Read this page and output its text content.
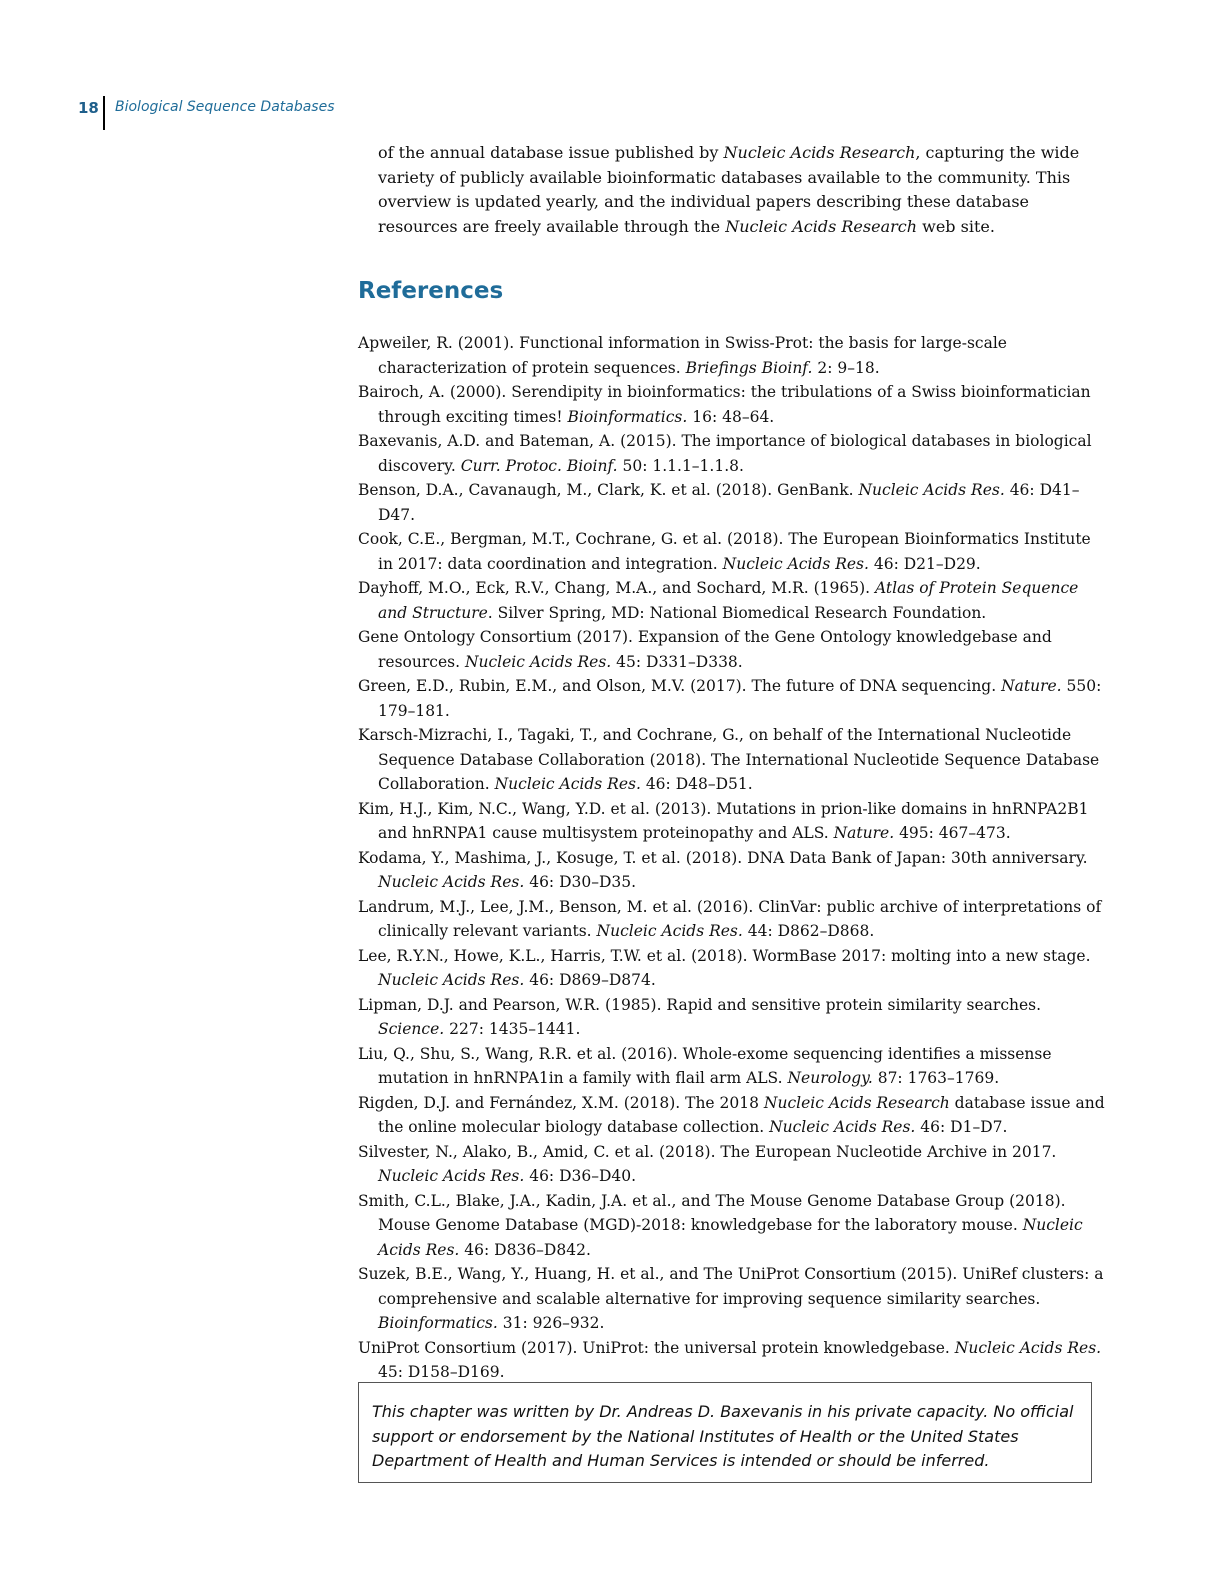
18 Biological Sequence Databases

of the annual database issue published by Nucleic Acids Research, capturing the wide variety of publicly available bioinformatic databases available to the community. This overview is updated yearly, and the individual papers describing these database resources are freely available through the Nucleic Acids Research web site.

References
Apweiler, R. (2001). Functional information in Swiss-Prot: the basis for large-scale characterization of protein sequences. Briefings Bioinf. 2: 9–18.
Bairoch, A. (2000). Serendipity in bioinformatics: the tribulations of a Swiss bioinformatician through exciting times! Bioinformatics. 16: 48–64.
Baxevanis, A.D. and Bateman, A. (2015). The importance of biological databases in biological discovery. Curr. Protoc. Bioinf. 50: 1.1.1–1.1.8.
Benson, D.A., Cavanaugh, M., Clark, K. et al. (2018). GenBank. Nucleic Acids Res. 46: D41–D47.
Cook, C.E., Bergman, M.T., Cochrane, G. et al. (2018). The European Bioinformatics Institute in 2017: data coordination and integration. Nucleic Acids Res. 46: D21–D29.
Dayhoff, M.O., Eck, R.V., Chang, M.A., and Sochard, M.R. (1965). Atlas of Protein Sequence and Structure. Silver Spring, MD: National Biomedical Research Foundation.
Gene Ontology Consortium (2017). Expansion of the Gene Ontology knowledgebase and resources. Nucleic Acids Res. 45: D331–D338.
Green, E.D., Rubin, E.M., and Olson, M.V. (2017). The future of DNA sequencing. Nature. 550: 179–181.
Karsch-Mizrachi, I., Tagaki, T., and Cochrane, G., on behalf of the International Nucleotide Sequence Database Collaboration (2018). The International Nucleotide Sequence Database Collaboration. Nucleic Acids Res. 46: D48–D51.
Kim, H.J., Kim, N.C., Wang, Y.D. et al. (2013). Mutations in prion-like domains in hnRNPA2B1 and hnRNPA1 cause multisystem proteinopathy and ALS. Nature. 495: 467–473.
Kodama, Y., Mashima, J., Kosuge, T. et al. (2018). DNA Data Bank of Japan: 30th anniversary. Nucleic Acids Res. 46: D30–D35.
Landrum, M.J., Lee, J.M., Benson, M. et al. (2016). ClinVar: public archive of interpretations of clinically relevant variants. Nucleic Acids Res. 44: D862–D868.
Lee, R.Y.N., Howe, K.L., Harris, T.W. et al. (2018). WormBase 2017: molting into a new stage. Nucleic Acids Res. 46: D869–D874.
Lipman, D.J. and Pearson, W.R. (1985). Rapid and sensitive protein similarity searches. Science. 227: 1435–1441.
Liu, Q., Shu, S., Wang, R.R. et al. (2016). Whole-exome sequencing identifies a missense mutation in hnRNPA1in a family with flail arm ALS. Neurology. 87: 1763–1769.
Rigden, D.J. and Fernández, X.M. (2018). The 2018 Nucleic Acids Research database issue and the online molecular biology database collection. Nucleic Acids Res. 46: D1–D7.
Silvester, N., Alako, B., Amid, C. et al. (2018). The European Nucleotide Archive in 2017. Nucleic Acids Res. 46: D36–D40.
Smith, C.L., Blake, J.A., Kadin, J.A. et al., and The Mouse Genome Database Group (2018). Mouse Genome Database (MGD)-2018: knowledgebase for the laboratory mouse. Nucleic Acids Res. 46: D836–D842.
Suzek, B.E., Wang, Y., Huang, H. et al., and The UniProt Consortium (2015). UniRef clusters: a comprehensive and scalable alternative for improving sequence similarity searches. Bioinformatics. 31: 926–932.
UniProt Consortium (2017). UniProt: the universal protein knowledgebase. Nucleic Acids Res. 45: D158–D169.

This chapter was written by Dr. Andreas D. Baxevanis in his private capacity. No official support or endorsement by the National Institutes of Health or the United States Department of Health and Human Services is intended or should be inferred.
